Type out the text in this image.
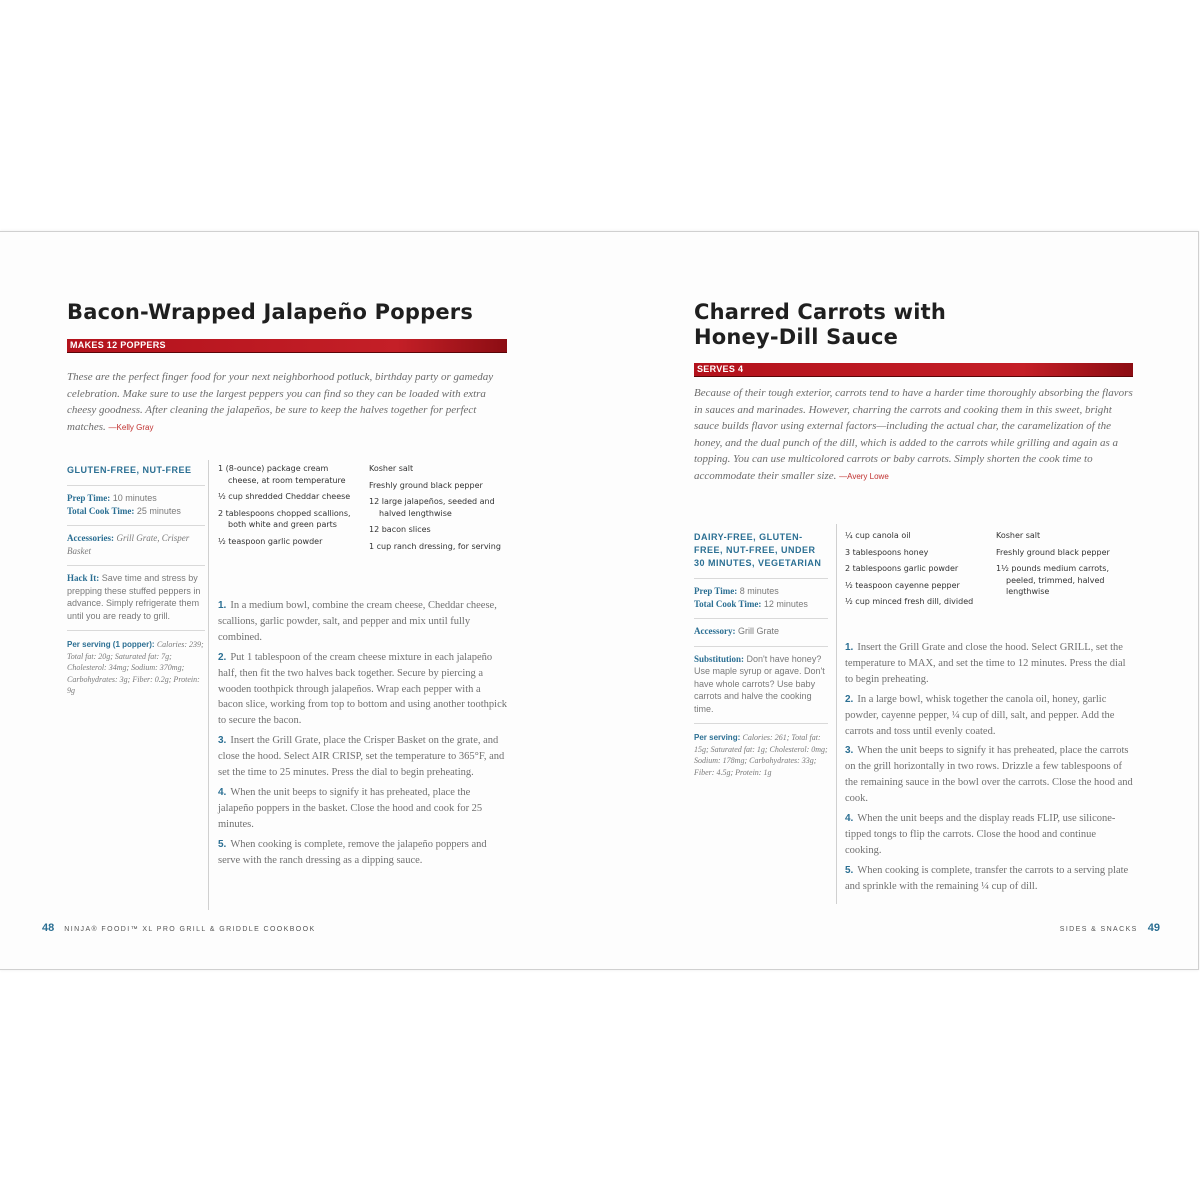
Bacon-Wrapped Jalapeño Poppers
MAKES 12 POPPERS

These are the perfect finger food for your next neighborhood potluck, birthday party or gameday celebration. Make sure to use the largest peppers you can find so they can be loaded with extra cheesy goodness. After cleaning the jalapeños, be sure to keep the halves together for perfect matches. —Kelly Gray

GLUTEN-FREE, NUT-FREE
Prep Time: 10 minutes
Total Cook Time: 25 minutes
Accessories: Grill Grate, Crisper Basket
Hack It: Save time and stress by prepping these stuffed peppers in advance. Simply refrigerate them until you are ready to grill.
Per serving (1 popper): Calories: 239; Total fat: 20g; Saturated fat: 7g; Cholesterol: 34mg; Sodium: 370mg; Carbohydrates: 3g; Fiber: 0.2g; Protein: 9g
1 (8-ounce) package cream cheese, at room temperature
½ cup shredded Cheddar cheese
2 tablespoons chopped scallions, both white and green parts
½ teaspoon garlic powder
Kosher salt
Freshly ground black pepper
12 large jalapeños, seeded and halved lengthwise
12 bacon slices
1 cup ranch dressing, for serving
1. In a medium bowl, combine the cream cheese, Cheddar cheese, scallions, garlic powder, salt, and pepper and mix until fully combined.
2. Put 1 tablespoon of the cream cheese mixture in each jalapeño half, then fit the two halves back together. Secure by piercing a wooden toothpick through jalapeños. Wrap each pepper with a bacon slice, working from top to bottom and using another toothpick to secure the bacon.
3. Insert the Grill Grate, place the Crisper Basket on the grate, and close the hood. Select AIR CRISP, set the temperature to 365°F, and set the time to 25 minutes. Press the dial to begin preheating.
4. When the unit beeps to signify it has preheated, place the jalapeño poppers in the basket. Close the hood and cook for 25 minutes.
5. When cooking is complete, remove the jalapeño poppers and serve with the ranch dressing as a dipping sauce.
48 NINJA® FOODI™ XL PRO GRILL & GRIDDLE COOKBOOK
Charred Carrots with
Honey-Dill Sauce
SERVES 4

Because of their tough exterior, carrots tend to have a harder time thoroughly absorbing the flavors in sauces and marinades. However, charring the carrots and cooking them in this sweet, bright sauce builds flavor using external factors—including the actual char, the caramelization of the honey, and the dual punch of the dill, which is added to the carrots while grilling and again as a topping. You can use multicolored carrots or baby carrots. Simply shorten the cook time to accommodate their smaller size. —Avery Lowe

DAIRY-FREE, GLUTEN-FREE, NUT-FREE, UNDER 30 MINUTES, VEGETARIAN
Prep Time: 8 minutes
Total Cook Time: 12 minutes
Accessory: Grill Grate
Substitution: Don't have honey? Use maple syrup or agave. Don't have whole carrots? Use baby carrots and halve the cooking time.
Per serving: Calories: 261; Total fat: 15g; Saturated fat: 1g; Cholesterol: 0mg; Sodium: 178mg; Carbohydrates: 33g; Fiber: 4.5g; Protein: 1g
¼ cup canola oil
3 tablespoons honey
2 tablespoons garlic powder
½ teaspoon cayenne pepper
½ cup minced fresh dill, divided
Kosher salt
Freshly ground black pepper
1½ pounds medium carrots, peeled, trimmed, halved lengthwise
1. Insert the Grill Grate and close the hood. Select GRILL, set the temperature to MAX, and set the time to 12 minutes. Press the dial to begin preheating.
2. In a large bowl, whisk together the canola oil, honey, garlic powder, cayenne pepper, ¼ cup of dill, salt, and pepper. Add the carrots and toss until evenly coated.
3. When the unit beeps to signify it has preheated, place the carrots on the grill horizontally in two rows. Drizzle a few tablespoons of the remaining sauce in the bowl over the carrots. Close the hood and cook.
4. When the unit beeps and the display reads FLIP, use silicone-tipped tongs to flip the carrots. Close the hood and continue cooking.
5. When cooking is complete, transfer the carrots to a serving plate and sprinkle with the remaining ¼ cup of dill.
SIDES & SNACKS 49
